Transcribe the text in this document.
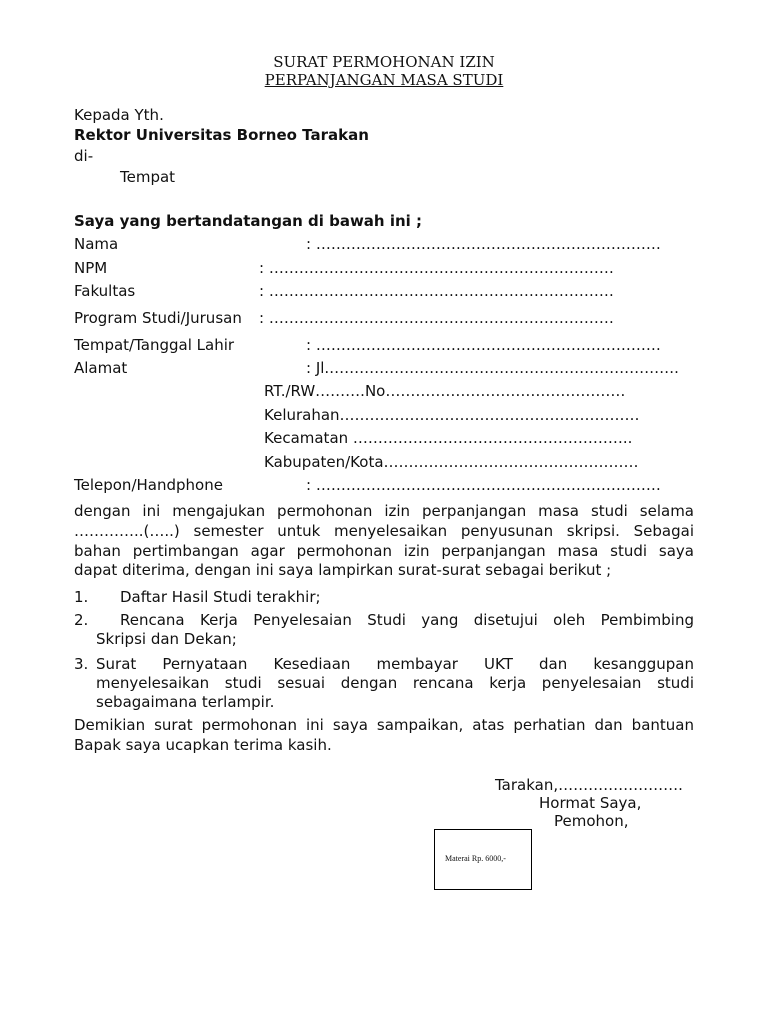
SURAT PERMOHONAN IZIN
PERPANJANGAN MASA STUDI
Kepada Yth.
Rektor Universitas Borneo Tarakan
di-
Tempat
Saya yang bertandatangan di bawah ini ;
Nama	: ……………………………………………………………
NPM	: ……………………………………………………………
Fakultas	: ……………………………………………………………
Program Studi/Jurusan : ……………………………………………………………
Tempat/Tanggal Lahir	: ……………………………………………………………
Alamat	: Jl.…………………………………………………………….
RT./RW……….No…………………………………………
Kelurahan……………………………………………………
Kecamatan ………………………………………………..
Kabupaten/Kota……………………………………………
Telepon/Handphone	: ……………………………………………………………
dengan ini mengajukan permohonan izin perpanjangan masa studi selama
…………..(…..) semester untuk menyelesaikan penyusunan skripsi. Sebagai
bahan pertimbangan agar permohonan izin perpanjangan masa studi saya
dapat diterima, dengan ini saya lampirkan surat-surat sebagai berikut ;
1. Daftar Hasil Studi terakhir;
2. Rencana Kerja Penyelesaian Studi yang disetujui oleh Pembimbing
Skripsi dan Dekan;
3. Surat Pernyataan Kesediaan membayar UKT dan kesanggupan
menyelesaikan studi sesuai dengan rencana kerja penyelesaian studi
sebagaimana terlampir.
Demikian surat permohonan ini saya sampaikan, atas perhatian dan bantuan
Bapak saya ucapkan terima kasih.
Tarakan,…………………….
Hormat Saya,
Pemohon,
Materai Rp. 6000,-
